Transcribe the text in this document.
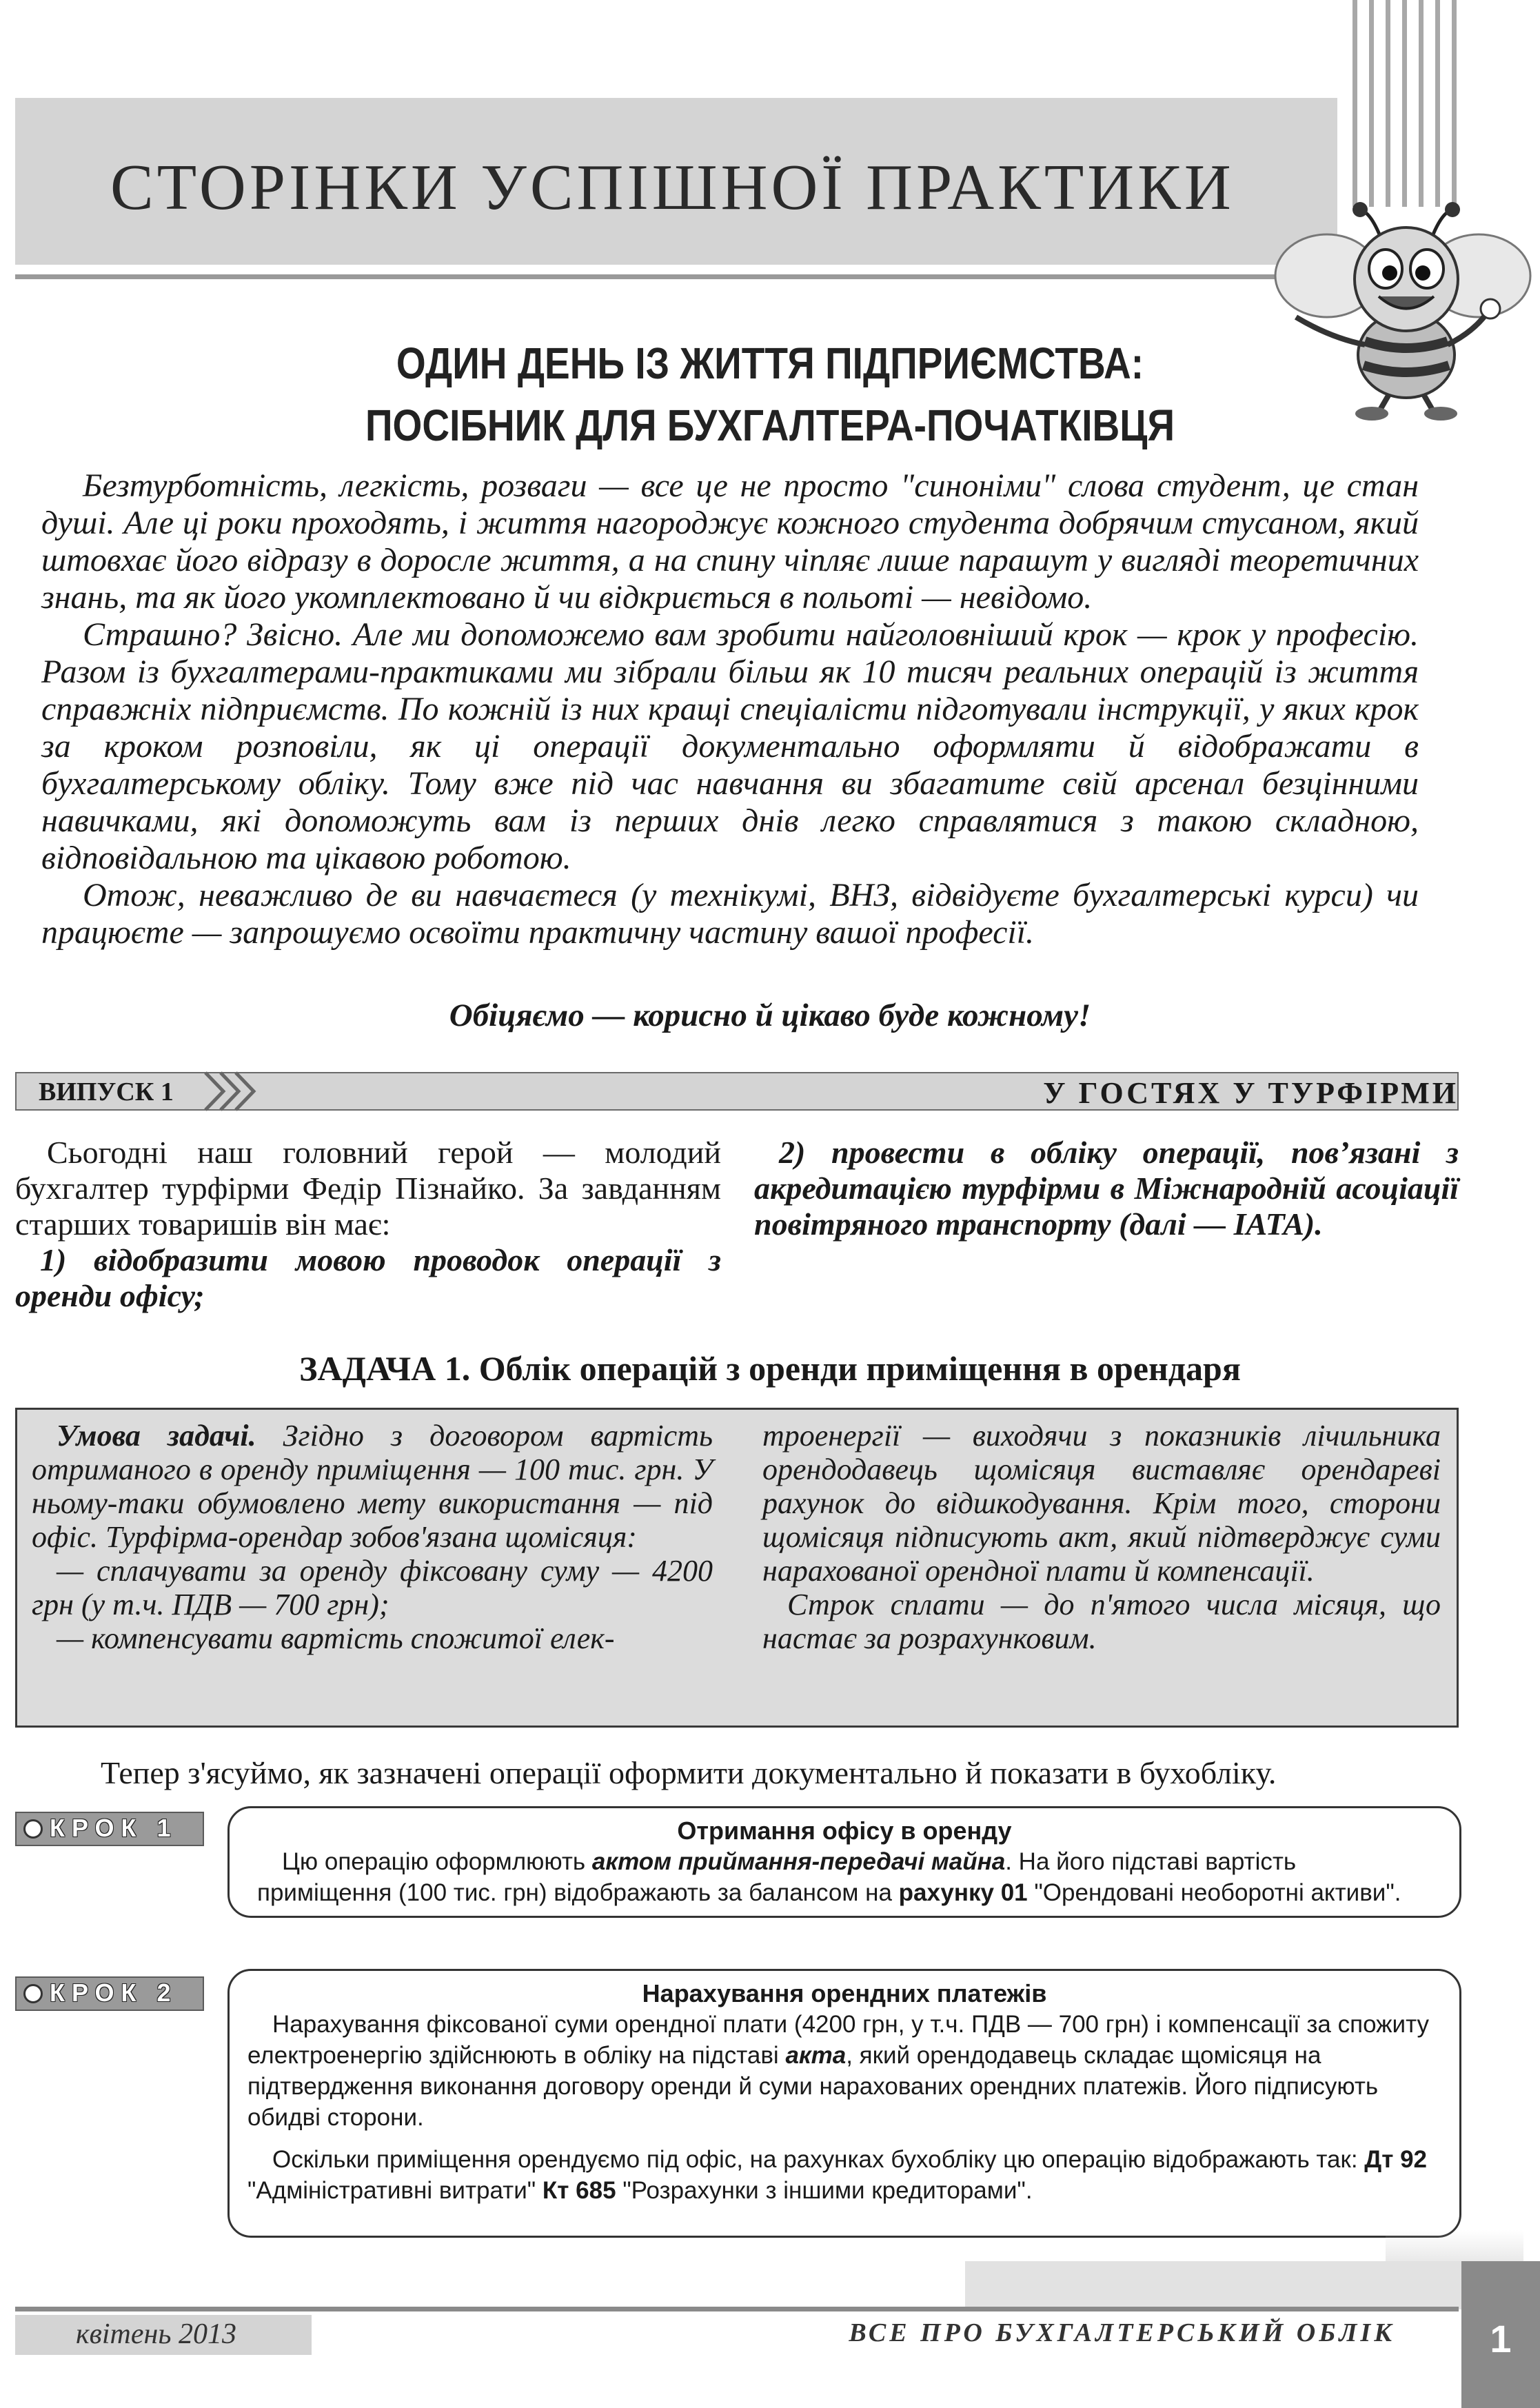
СТОРІНКИ УСПІШНОЇ ПРАКТИКИ
ОДИН ДЕНЬ ІЗ ЖИТТЯ ПІДПРИЄМСТВА:
ПОСІБНИК ДЛЯ БУХГАЛТЕРА-ПОЧАТКІВЦЯ

Безтурботність, легкість, розваги — все це не просто "синоніми" слова студент, це стан душі. Але ці роки проходять, і життя нагороджує кожного студента добрячим стусаном, який штовхає його відразу в доросле життя, а на спину чіпляє лише парашут у вигляді теоретичних знань, та як його укомплектовано й чи відкриється в польоті — невідомо.

Страшно? Звісно. Але ми допоможемо вам зробити найголовніший крок — крок у професію. Разом із бухгалтерами-практиками ми зібрали більш як 10 тисяч реальних операцій із життя справжніх підприємств. По кожній із них кращі спеціалісти підготували інструкції, у яких крок за кроком розповіли, як ці операції документально оформляти й відображати в бухгалтерському обліку. Тому вже під час навчання ви збагатите свій арсенал безцінними навичками, які допоможуть вам із перших днів легко справлятися з такою складною, відповідальною та цікавою роботою.

Отож, неважливо де ви навчаєтеся (у технікумі, ВНЗ, відвідуєте бухгалтерські курси) чи працюєте — запрошуємо освоїти практичну частину вашої професії.

Обіцяємо — корисно й цікаво буде кожному!
ВИПУСК 1	У ГОСТЯХ У ТУРФІРМИ

Сьогодні наш головний герой — молодий бухгалтер турфірми Федір Пізнайко. За завданням старших товаришів він має:

1) відобразити мовою проводок операції з оренди офісу;

2) провести в обліку операції, пов’язані з акредитацією турфірми в Міжнародній асоціації повітряного транспорту (далі — IATA).

ЗАДАЧА 1. Облік операцій з оренди приміщення в орендаря

Умова задачі. Згідно з договором вартість отриманого в оренду приміщення — 100 тис. грн. У ньому-таки обумовлено мету використання — під офіс. Турфірма-орендар зобов'язана щомісяця:

— сплачувати за оренду фіксовану суму — 4200 грн (у т.ч. ПДВ — 700 грн);

— компенсувати вартість спожитої елек-

троенергії — виходячи з показників лічильника орендодавець щомісяця виставляє орендареві рахунок до відшкодування. Крім того, сторони щомісяця підписують акт, який підтверджує суми нарахованої орендної плати й компенсації.

Строк сплати — до п'ятого числа місяця, що настає за розрахунковим.

Тепер з'ясуймо, як зазначені операції оформити документально й показати в бухобліку.
КРОК 1	Отримання офісу в оренду

Цю операцію оформлюють актом приймання-передачі майна. На його підставі вартість приміщення (100 тис. грн) відображають за балансом на рахунку 01 "Орендовані необоротні активи".

КРОК 2	Нарахування орендних платежів

Нарахування фіксованої суми орендної плати (4200 грн, у т.ч. ПДВ — 700 грн) і компенсації за спожиту електроенергію здійснюють в обліку на підставі акта, який орендодавець складає щомісяця на підтвердження виконання договору оренди й суми нарахованих орендних платежів. Його підписують обидві сторони.

Оскільки приміщення орендуємо під офіс, на рахунках бухобліку цю операцію відображають так: Дт 92 "Адміністративні витрати" Кт 685 "Розрахунки з іншими кредиторами".

квітень 2013	ВСЕ ПРО БУХГАЛТЕРСЬКИЙ ОБЛІК	1
